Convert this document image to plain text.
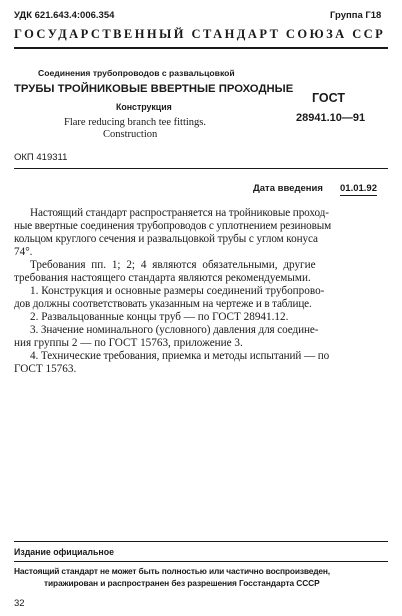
УДК 621.643.4:006.354	Группа Г18
ГОСУДАРСТВЕННЫЙ СТАНДАРТ СОЮЗА ССР
Соединения трубопроводов с развальцовкой
ТРУБЫ ТРОЙНИКОВЫЕ ВВЕРТНЫЕ ПРОХОДНЫЕ
Конструкция
Flare reducing branch tee fittings.
Construction
ГОСТ
28941.10—91
ОКП 419311
Дата введения 01.01.92
Настоящий стандарт распространяется на тройниковые проход-
ные ввертные соединения трубопроводов с уплотнением резиновым
кольцом круглого сечения и развальцовкой трубы с углом конуса
74°.
Требования пп. 1; 2; 4 являются обязательными, другие
требования настоящего стандарта являются рекомендуемыми.
1. Конструкция и основные размеры соединений трубопрово-
дов должны соответствовать указанным на чертеже и в таблице.
2. Развальцованные концы труб — по ГОСТ 28941.12.
3. Значение номинального (условного) давления для соедине-
ния группы 2 — по ГОСТ 15763, приложение 3.
4. Технические требования, приемка и методы испытаний — по
ГОСТ 15763.
Издание официальное
Настоящий стандарт не может быть полностью или частично воспроизведен,
тиражирован и распространен без разрешения Госстандарта СССР
32
